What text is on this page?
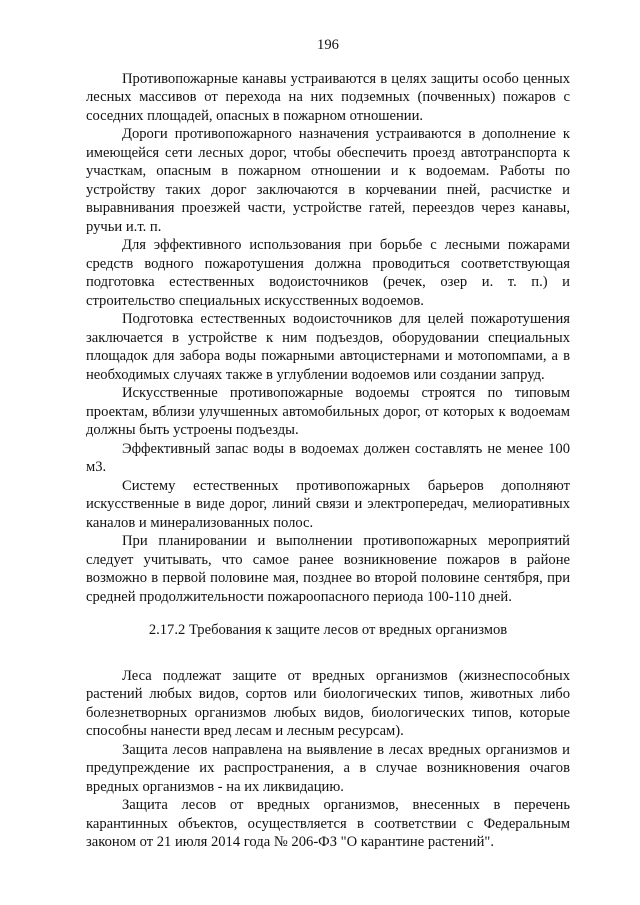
196

Противопожарные канавы устраиваются в целях защиты особо ценных лесных массивов от перехода на них подземных (почвенных) пожаров с соседних площадей, опасных в пожарном отношении.

Дороги противопожарного назначения устраиваются в дополнение к имеющейся сети лесных дорог, чтобы обеспечить проезд автотранспорта к участкам, опасным в пожарном отношении и к водоемам. Работы по устройству таких дорог заключаются в корчевании пней, расчистке и выравнивания проезжей части, устройстве гатей, переездов через канавы, ручьи и.т. п.

Для эффективного использования при борьбе с лесными пожарами средств водного пожаротушения должна проводиться соответствующая подготовка естественных водоисточников (речек, озер и. т. п.) и строительство специальных искусственных водоемов.

Подготовка естественных водоисточников для целей пожаротушения заключается в устройстве к ним подъездов, оборудовании специальных площадок для забора воды пожарными автоцистернами и мотопомпами, а в необходимых случаях также в углублении водоемов или создании запруд.

Искусственные противопожарные водоемы строятся по типовым проектам, вблизи улучшенных автомобильных дорог, от которых к водоемам должны быть устроены подъезды.

Эффективный запас воды в водоемах должен составлять не менее 100 м3.

Систему естественных противопожарных барьеров дополняют искусственные в виде дорог, линий связи и электропередач, мелиоративных каналов и минерализованных полос.

При планировании и выполнении противопожарных мероприятий следует учитывать, что самое ранее возникновение пожаров в районе возможно в первой половине мая, позднее во второй половине сентября, при средней продолжительности пожароопасного периода 100-110 дней.

2.17.2 Требования к защите лесов от вредных организмов

Леса подлежат защите от вредных организмов (жизнеспособных растений любых видов, сортов или биологических типов, животных либо болезнетворных организмов любых видов, биологических типов, которые способны нанести вред лесам и лесным ресурсам).

Защита лесов направлена на выявление в лесах вредных организмов и предупреждение их распространения, а в случае возникновения очагов вредных организмов - на их ликвидацию.

Защита лесов от вредных организмов, внесенных в перечень карантинных объектов, осуществляется в соответствии с Федеральным законом от 21 июля 2014 года № 206-ФЗ "О карантине растений".
